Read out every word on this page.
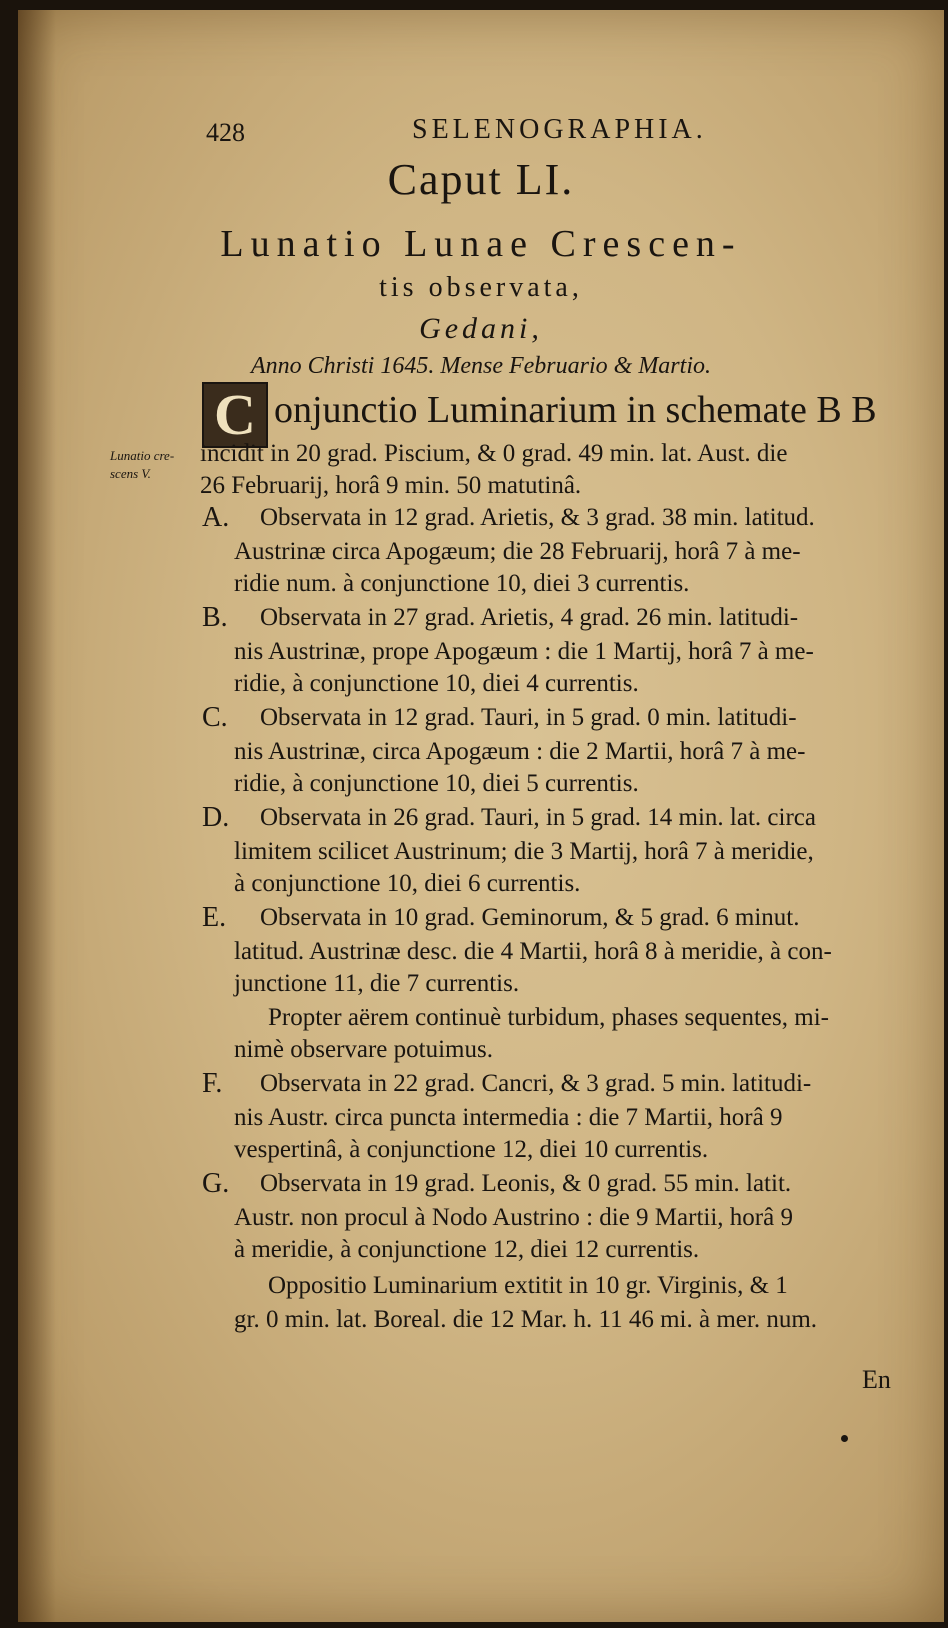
428	SELENOGRAPHIA.
Caput LI.
Lunatio Lunae Crescen-
tis observata,
Gedani,
Anno Christi 1645. Mense Februario & Martio.
C onjunctio Luminarium in schemate B B
Lunatio cre-
scens V.
incidit in 20 grad. Piscium, & 0 grad. 49 min. lat. Aust. die
26 Februarij, horâ 9 min. 50 matutinâ.
A. Observata in 12 grad. Arietis, & 3 grad. 38 min. latitud.
Austrinæ circa Apogæum; die 28 Februarij, horâ 7 à me-
ridie num. à conjunctione 10, diei 3 currentis.
B. Observata in 27 grad. Arietis, 4 grad. 26 min. latitudi-
nis Austrinæ, prope Apogæum : die 1 Martij, horâ 7 à me-
ridie, à conjunctione 10, diei 4 currentis.
C. Observata in 12 grad. Tauri, in 5 grad. 0 min. latitudi-
nis Austrinæ, circa Apogæum : die 2 Martii, horâ 7 à me-
ridie, à conjunctione 10, diei 5 currentis.
D. Observata in 26 grad. Tauri, in 5 grad. 14 min. lat. circa
limitem scilicet Austrinum; die 3 Martij, horâ 7 à meridie,
à conjunctione 10, diei 6 currentis.
E. Observata in 10 grad. Geminorum, & 5 grad. 6 minut.
latitud. Austrinæ desc. die 4 Martii, horâ 8 à meridie, à con-
junctione 11, die 7 currentis.
Propter aërem continuè turbidum, phases sequentes, mi-
nimè observare potuimus.
F. Observata in 22 grad. Cancri, & 3 grad. 5 min. latitudi-
nis Austr. circa puncta intermedia : die 7 Martii, horâ 9
vespertinâ, à conjunctione 12, diei 10 currentis.
G. Observata in 19 grad. Leonis, & 0 grad. 55 min. latit.
Austr. non procul à Nodo Austrino : die 9 Martii, horâ 9
à meridie, à conjunctione 12, diei 12 currentis.
Oppositio Luminarium extitit in 10 gr. Virginis, & 1
gr. 0 min. lat. Boreal. die 12 Mar. h. 11 46 mi. à mer. num.
En
